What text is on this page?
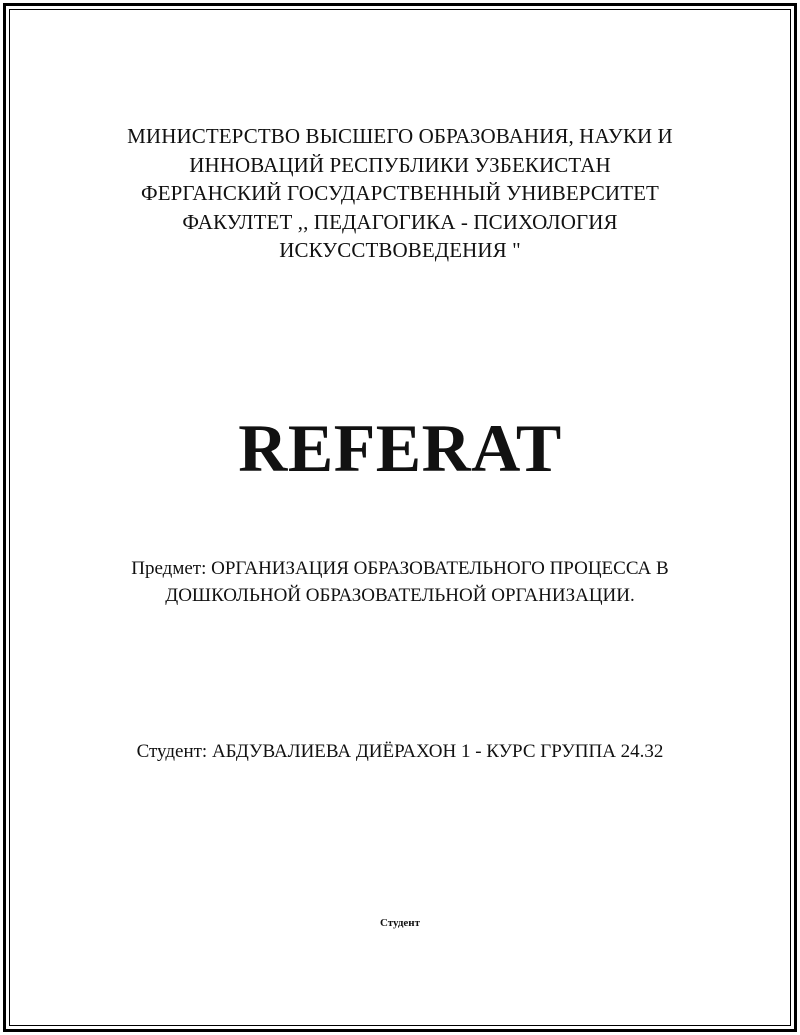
МИНИСТЕРСТВО ВЫСШЕГО ОБРАЗОВАНИЯ, НАУКИ И
ИННОВАЦИЙ РЕСПУБЛИКИ УЗБЕКИСТАН
ФЕРГАНСКИЙ ГОСУДАРСТВЕННЫЙ УНИВЕРСИТЕТ
ФАКУЛТЕТ ,, ПЕДАГОГИКА - ПСИХОЛОГИЯ
ИСКУССТВОВЕДЕНИЯ "
REFERAT
Предмет: ОРГАНИЗАЦИЯ ОБРАЗОВАТЕЛЬНОГО ПРОЦЕССА В
ДОШКОЛЬНОЙ ОБРАЗОВАТЕЛЬНОЙ ОРГАНИЗАЦИИ.
Студент: АБДУВАЛИЕВА ДИЁРАХОН 1 - КУРС ГРУППА 24.32
Студент
